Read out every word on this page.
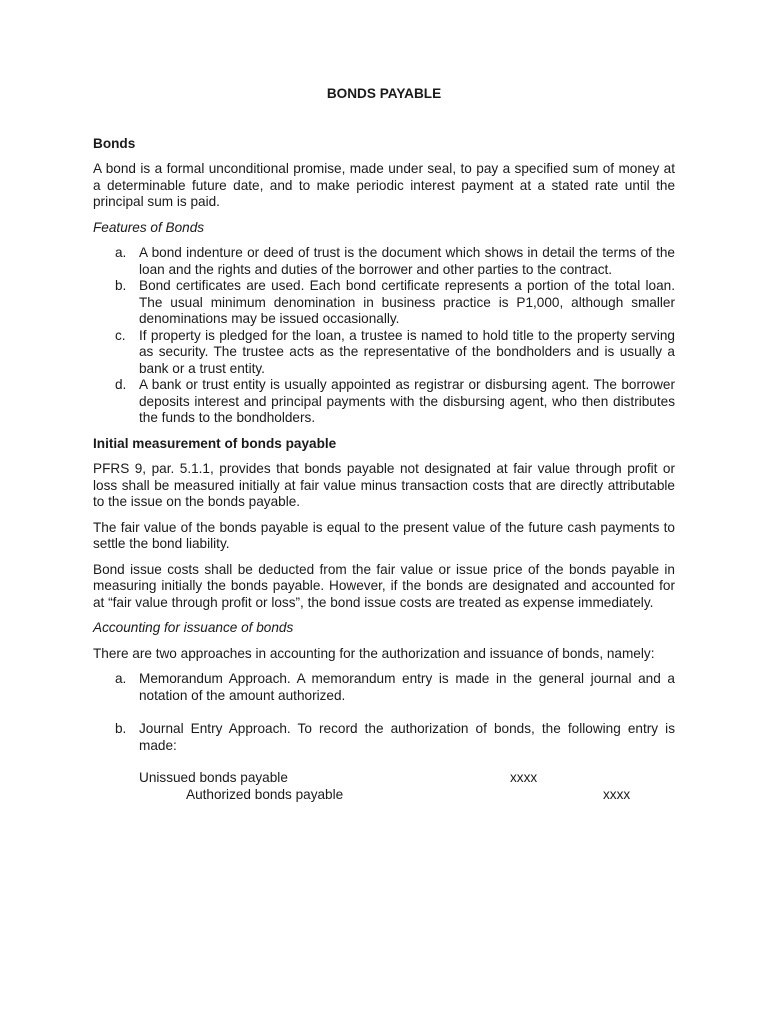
BONDS PAYABLE

Bonds

A bond is a formal unconditional promise, made under seal, to pay a specified sum of money at a determinable future date, and to make periodic interest payment at a stated rate until the principal sum is paid.

Features of Bonds

a. A bond indenture or deed of trust is the document which shows in detail the terms of the loan and the rights and duties of the borrower and other parties to the contract.
b. Bond certificates are used. Each bond certificate represents a portion of the total loan. The usual minimum denomination in business practice is P1,000, although smaller denominations may be issued occasionally.
c. If property is pledged for the loan, a trustee is named to hold title to the property serving as security. The trustee acts as the representative of the bondholders and is usually a bank or a trust entity.
d. A bank or trust entity is usually appointed as registrar or disbursing agent. The borrower deposits interest and principal payments with the disbursing agent, who then distributes the funds to the bondholders.

Initial measurement of bonds payable

PFRS 9, par. 5.1.1, provides that bonds payable not designated at fair value through profit or loss shall be measured initially at fair value minus transaction costs that are directly attributable to the issue on the bonds payable.

The fair value of the bonds payable is equal to the present value of the future cash payments to settle the bond liability.

Bond issue costs shall be deducted from the fair value or issue price of the bonds payable in measuring initially the bonds payable. However, if the bonds are designated and accounted for at “fair value through profit or loss”, the bond issue costs are treated as expense immediately.

Accounting for issuance of bonds

There are two approaches in accounting for the authorization and issuance of bonds, namely:

a. Memorandum Approach. A memorandum entry is made in the general journal and a notation of the amount authorized.
b. Journal Entry Approach. To record the authorization of bonds, the following entry is made:
Unissued bonds payable	xxxx
Authorized bonds payable	xxxx
